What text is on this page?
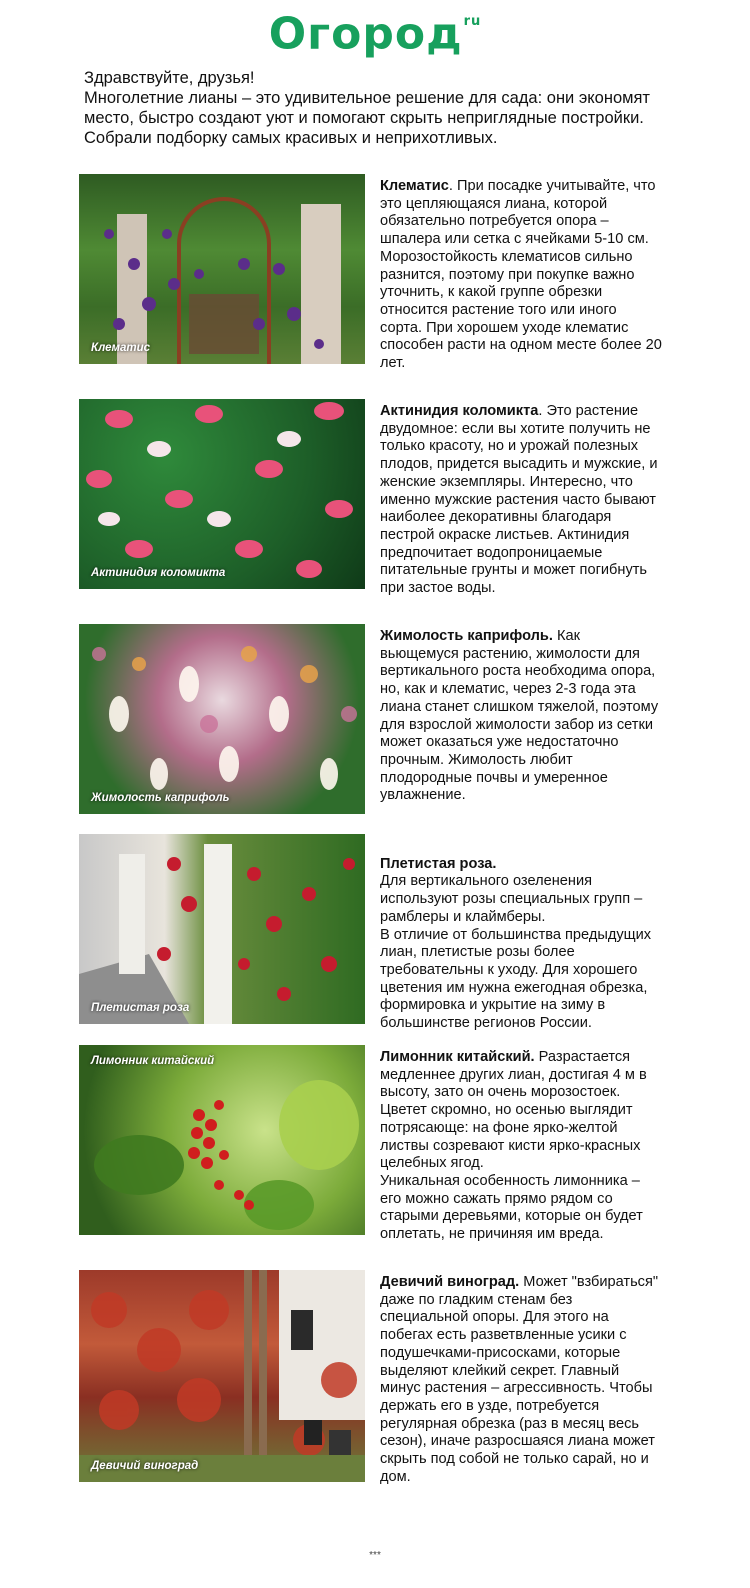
Огород$^{ru}$

Здравствуйте, друзья!

Многолетние лианы – это удивительное решение для сада: они экономят место, быстро создают уют и помогают скрыть неприглядные постройки. Собрали подборку самых красивых и неприхотливых.

Клематис
Клематис. При посадке учитывайте, что это цепляющаяся лиана, которой обязательно потребуется опора – шпалера или сетка с ячейками 5-10 см. Морозостойкость клематисов сильно разнится, поэтому при покупке важно уточнить, к какой группе обрезки относится растение того или иного сорта. При хорошем уходе клематис способен расти на одном месте более 20 лет.
Актинидия коломикта
Актинидия коломикта. Это растение двудомное: если вы хотите получить не только красоту, но и урожай полезных плодов, придется высадить и мужские, и женские экземпляры. Интересно, что именно мужские растения часто бывают наиболее декоративны благодаря пестрой окраске листьев. Актинидия предпочитает водопроницаемые питательные грунты и может погибнуть при застое воды.
Жимолость каприфоль
Жимолость каприфоль. Как вьющемуся растению, жимолости для вертикального роста необходима опора, но, как и клематис, через 2-3 года эта лиана станет слишком тяжелой, поэтому для взрослой жимолости забор из сетки может оказаться уже недостаточно прочным. Жимолость любит плодородные почвы и умеренное увлажнение.
Плетистая роза

Плетистая роза.
Для вертикального озеленения используют розы специальных групп – рамблеры и клаймберы.
В отличие от большинства предыдущих лиан, плетистые розы более требовательны к уходу. Для хорошего цветения им нужна ежегодная обрезка, формировка и укрытие на зиму в большинстве регионов России.

Лимонник китайский	Лимонник китайский. Разрастается медленнее других лиан, достигая 4 м в высоту, зато он очень морозостоек. Цветет скромно, но осенью выглядит потрясающе: на фоне ярко-желтой листвы созревают кисти ярко-красных целебных ягод.
Уникальная особенность лимонника – его можно сажать прямо рядом со старыми деревьями, которые он будет оплетать, не причиняя им вреда.
Девичий виноград
Девичий виноград. Может "взбираться" даже по гладким стенам без специальной опоры. Для этого на побегах есть разветвленные усики с подушечками-присосками, которые выделяют клейкий секрет. Главный минус растения – агрессивность. Чтобы держать его в узде, потребуется регулярная обрезка (раз в месяц весь сезон), иначе разросшаяся лиана может скрыть под собой не только сарай, но и дом.
***
